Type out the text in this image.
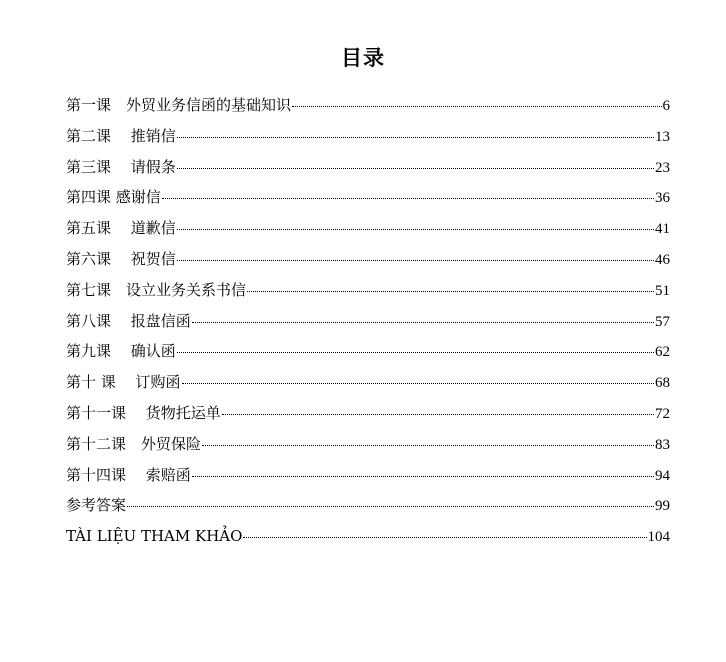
目录
第一课　外贸业务信函的基础知识	6
第二课　 推销信	13
第三课　 请假条	23
第四课 感谢信	36
第五课　 道歉信	41
第六课　 祝贺信	46
第七课　设立业务关系书信	51
第八课　 报盘信函	57
第九课　 确认函	62
第十 课　 订购函	68
第十一课　 货物托运单	72
第十二课　外贸保险	83
第十四课　 索赔函	94
参考答案	99
TÀI LIỆU THAM KHẢO	104
